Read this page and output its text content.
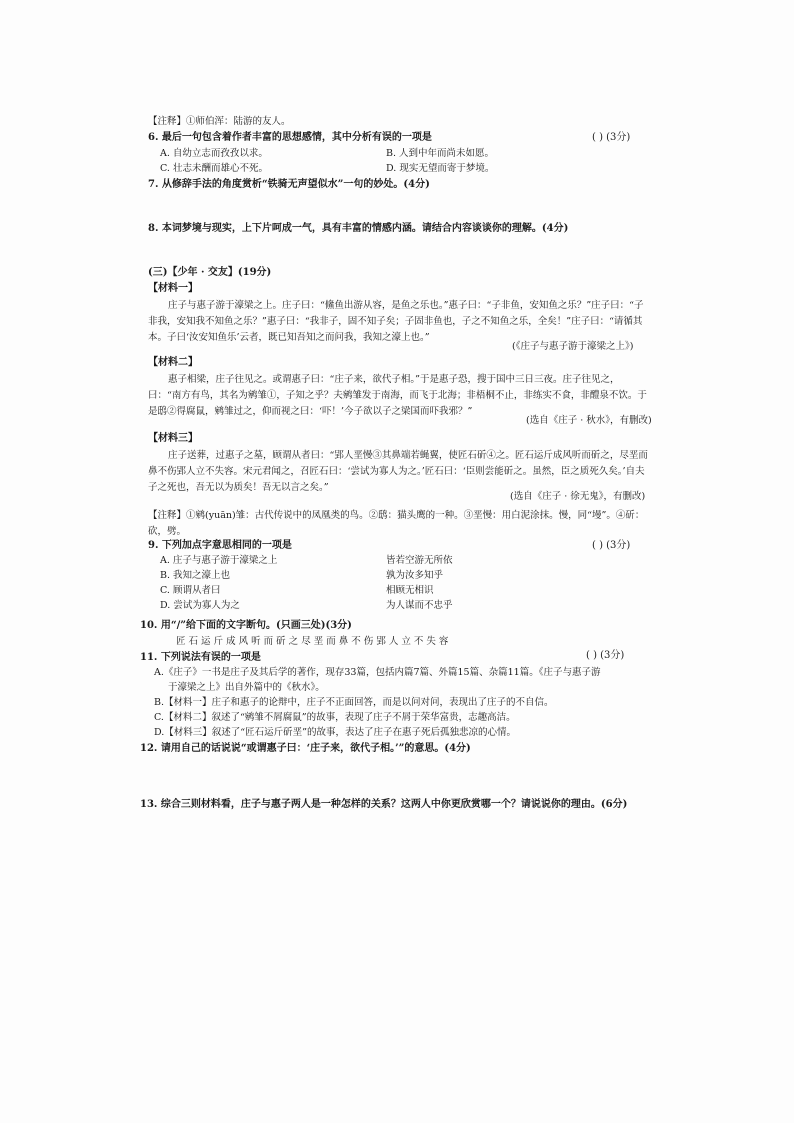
【注释】①师伯浑：陆游的友人。
6. 最后一句包含着作者丰富的思想感情，其中分析有误的一项是	( ) (3分)
A. 自幼立志而孜孜以求。	B. 人到中年而尚未如愿。
C. 壮志未酬而雄心不死。	D. 现实无望而寄于梦境。
7. 从修辞手法的角度赏析“铁骑无声望似水”一句的妙处。(4分)
8. 本词梦境与现实，上下片呵成一气，具有丰富的情感内涵。请结合内容谈谈你的理解。(4分)
(三)【少年 · 交友】(19分)
【材料一】
庄子与惠子游于濠梁之上。庄子曰：“鯈鱼出游从容，是鱼之乐也。”惠子曰：“子非鱼，安知鱼之乐？”庄子曰：“子非我，安知我不知鱼之乐？”惠子曰：“我非子，固不知子矣；子固非鱼也，子之不知鱼之乐，全矣！”庄子曰：“请循其本。子曰‘汝安知鱼乐’云者，既已知吾知之而问我，我知之濠上也。”
(《庄子与惠子游于濠梁之上》)
【材料二】
惠子相梁，庄子往见之。或谓惠子曰：“庄子来，欲代子相。”于是惠子恐，搜于国中三日三夜。庄子往见之，曰：“南方有鸟，其名为鹓雏①，子知之乎？夫鹓雏发于南海，而飞于北海；非梧桐不止，非练实不食，非醴泉不饮。于是鸱②得腐鼠，鹓雏过之，仰而视之曰：‘吓！’今子欲以子之梁国而吓我邪？”
(选自《庄子 · 秋水》，有删改)
【材料三】
庄子送葬，过惠子之墓，顾谓从者曰：“郢人垩慢③其鼻端若蝇翼，使匠石斫④之。匠石运斤成风听而斫之，尽垩而鼻不伤郢人立不失容。宋元君闻之，召匠石曰：‘尝试为寡人为之。’匠石曰：‘臣则尝能斫之。虽然，臣之质死久矣。’自夫子之死也，吾无以为质矣！吾无以言之矣。”
(选自《庄子 · 徐无鬼》，有删改)
【注释】①鹓(yuān)雏：古代传说中的凤凰类的鸟。②鸱：猫头鹰的一种。③垩慢：用白泥涂抹。慢，同“墁”。④斫：砍，劈。
9. 下列加点字意思相同的一项是	( ) (3分)
A. 庄子与惠子游于濠梁之上	皆若空游无所依
B. 我知之濠上也	孰为汝多知乎
C. 顾谓从者曰	相顾无相识
D. 尝试为寡人为之	为人谋而不忠乎
10. 用“/”给下面的文字断句。(只画三处)(3分)
匠 石 运 斤 成 风 听 而 斫 之 尽 垩 而 鼻 不 伤 郢 人 立 不 失 容
11. 下列说法有误的一项是	( ) (3分)
A.《庄子》一书是庄子及其后学的著作，现存33篇，包括内篇7篇、外篇15篇、杂篇11篇。《庄子与惠子游
于濠梁之上》出自外篇中的《秋水》。
B.【材料一】庄子和惠子的论辩中，庄子不正面回答，而是以问对问，表现出了庄子的不自信。
C.【材料二】叙述了“鹓雏不屑腐鼠”的故事，表现了庄子不屑于荣华富贵，志趣高洁。
D.【材料三】叙述了“匠石运斤斫垩”的故事，表达了庄子在惠子死后孤独悲凉的心情。
12. 请用自己的话说说“或谓惠子曰：‘庄子来，欲代子相。’”的意思。(4分)
13. 综合三则材料看，庄子与惠子两人是一种怎样的关系？这两人中你更欣赏哪一个？请说说你的理由。(6分)
